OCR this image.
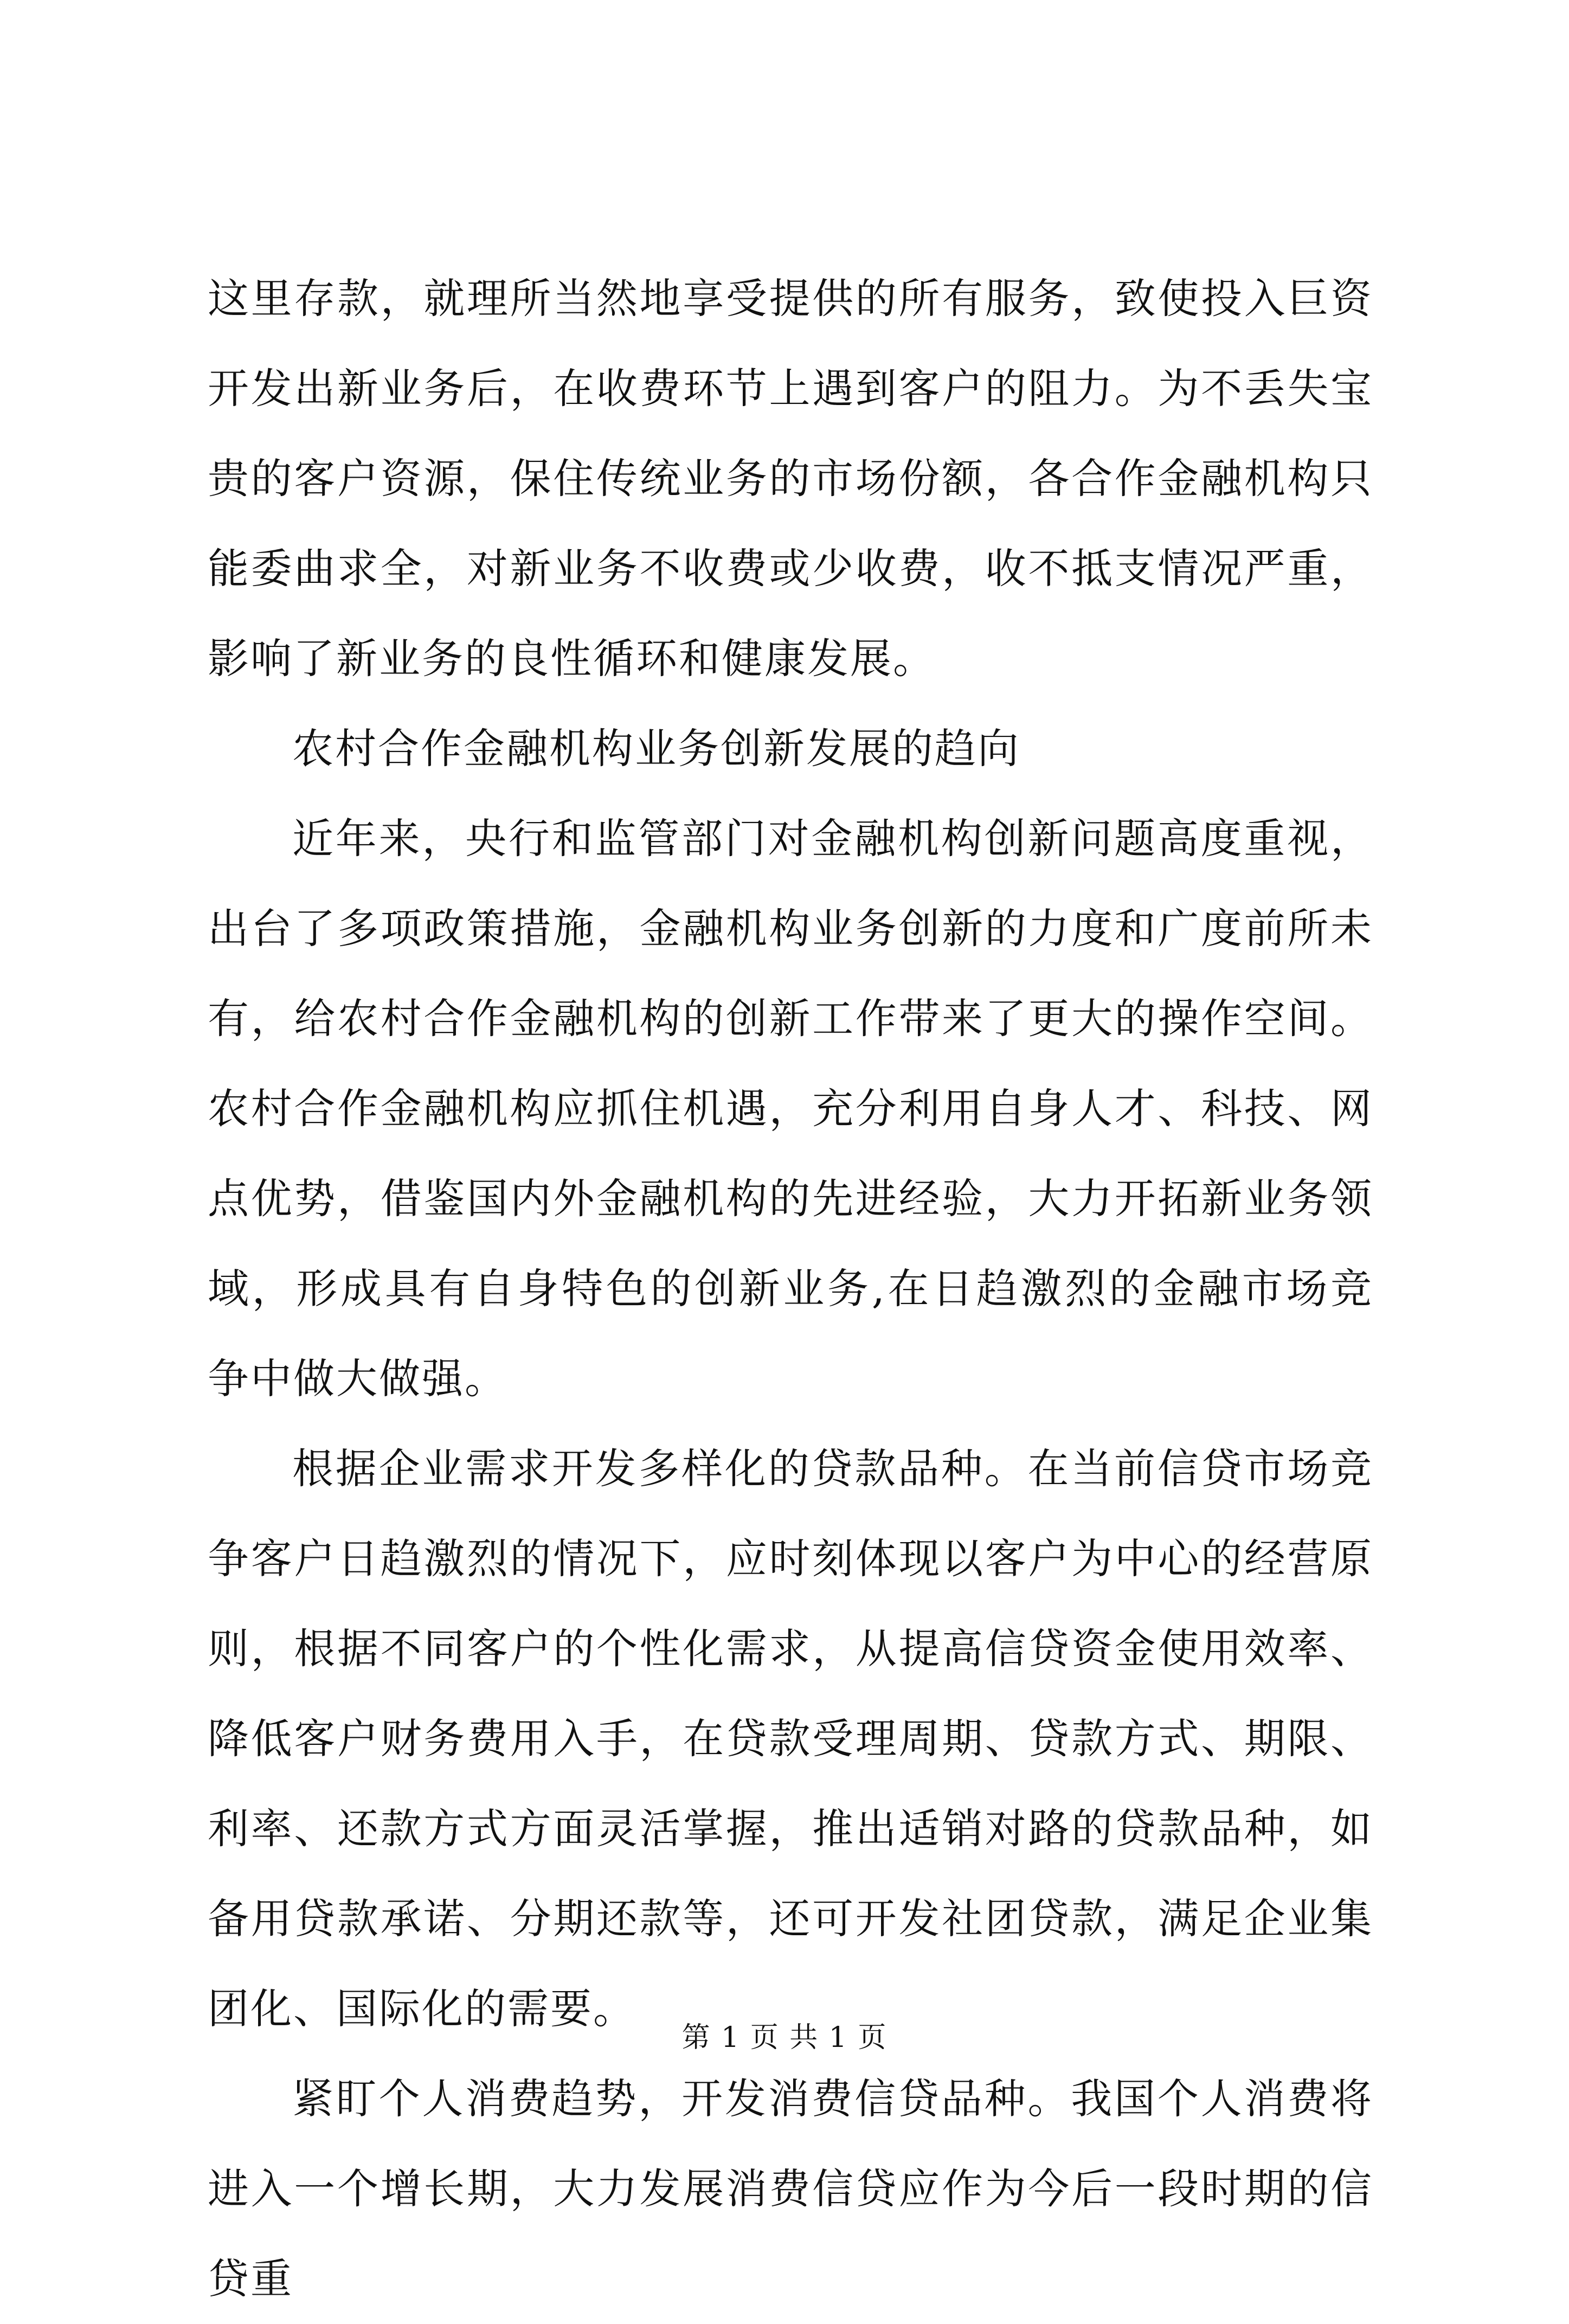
这里存款，就理所当然地享受提供的所有服务，致使投入巨资开发出新业务后，在收费环节上遇到客户的阻力。为不丢失宝贵的客户资源，保住传统业务的市场份额，各合作金融机构只能委曲求全，对新业务不收费或少收费，收不抵支情况严重，影响了新业务的良性循环和健康发展。

农村合作金融机构业务创新发展的趋向

近年来，央行和监管部门对金融机构创新问题高度重视，出台了多项政策措施，金融机构业务创新的力度和广度前所未有，给农村合作金融机构的创新工作带来了更大的操作空间。农村合作金融机构应抓住机遇，充分利用自身人才、科技、网点优势，借鉴国内外金融机构的先进经验，大力开拓新业务领域，形成具有自身特色的创新业务,在日趋激烈的金融市场竞争中做大做强。

根据企业需求开发多样化的贷款品种。在当前信贷市场竞争客户日趋激烈的情况下，应时刻体现以客户为中心的经营原则，根据不同客户的个性化需求，从提高信贷资金使用效率、降低客户财务费用入手，在贷款受理周期、贷款方式、期限、利率、还款方式方面灵活掌握，推出适销对路的贷款品种，如备用贷款承诺、分期还款等，还可开发社团贷款，满足企业集团化、国际化的需要。

紧盯个人消费趋势，开发消费信贷品种。我国个人消费将进入一个增长期，大力发展消费信贷应作为今后一段时期的信贷重

第 1 页 共 1 页
